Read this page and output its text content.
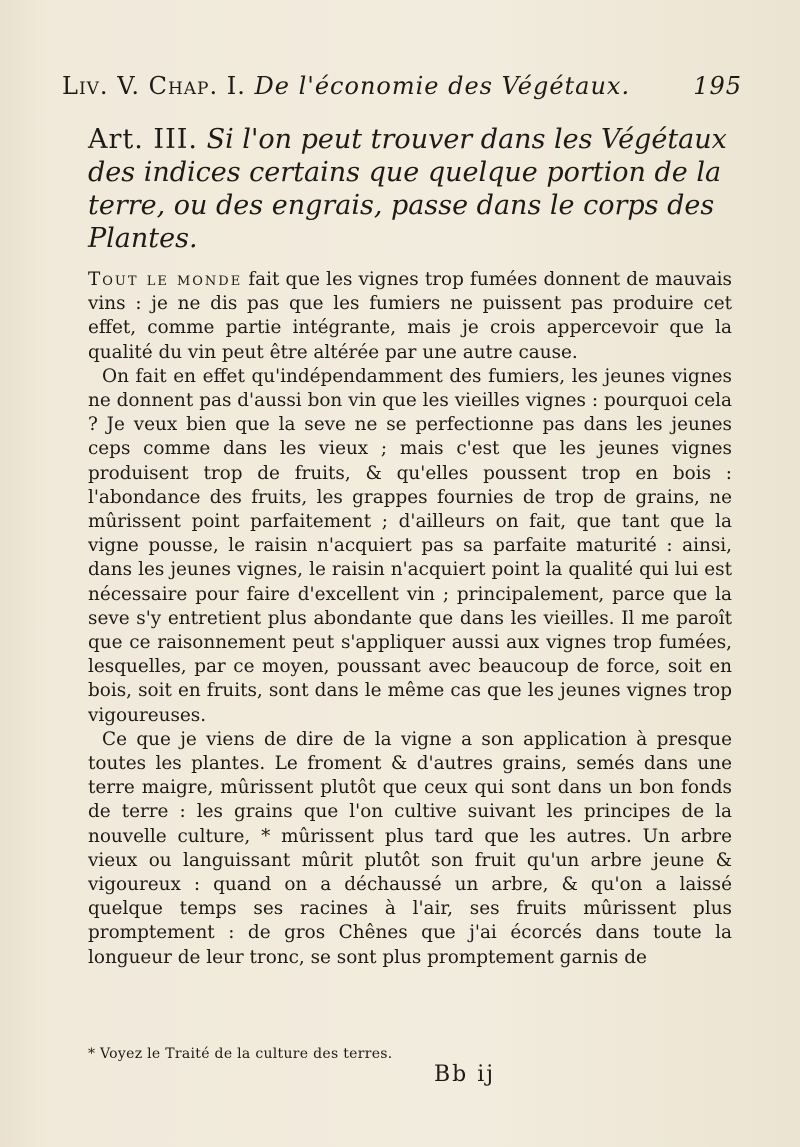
Liv. V. Chap. I. De l'économie des Végétaux.	195
Art. III. Si l'on peut trouver dans les Végétaux des indices certains que quelque portion de la terre, ou des engrais, passe dans le corps des Plantes.

Tout le monde fait que les vignes trop fumées donnent de mauvais vins : je ne dis pas que les fumiers ne puissent pas produire cet effet, comme partie intégrante, mais je crois appercevoir que la qualité du vin peut être altérée par une autre cause.

On fait en effet qu'indépendamment des fumiers, les jeunes vignes ne donnent pas d'aussi bon vin que les vieilles vignes : pourquoi cela ? Je veux bien que la seve ne se perfectionne pas dans les jeunes ceps comme dans les vieux ; mais c'est que les jeunes vignes produisent trop de fruits, & qu'elles poussent trop en bois : l'abondance des fruits, les grappes fournies de trop de grains, ne mûrissent point parfaitement ; d'ailleurs on fait, que tant que la vigne pousse, le raisin n'acquiert pas sa parfaite maturité : ainsi, dans les jeunes vignes, le raisin n'acquiert point la qualité qui lui est nécessaire pour faire d'excellent vin ; principalement, parce que la seve s'y entretient plus abondante que dans les vieilles. Il me paroît que ce raisonnement peut s'appliquer aussi aux vignes trop fumées, lesquelles, par ce moyen, poussant avec beaucoup de force, soit en bois, soit en fruits, sont dans le même cas que les jeunes vignes trop vigoureuses.

Ce que je viens de dire de la vigne a son application à presque toutes les plantes. Le froment & d'autres grains, semés dans une terre maigre, mûrissent plutôt que ceux qui sont dans un bon fonds de terre : les grains que l'on cultive suivant les principes de la nouvelle culture, * mûrissent plus tard que les autres. Un arbre vieux ou languissant mûrit plutôt son fruit qu'un arbre jeune & vigoureux : quand on a déchaussé un arbre, & qu'on a laissé quelque temps ses racines à l'air, ses fruits mûrissent plus promptement : de gros Chênes que j'ai écorcés dans toute la longueur de leur tronc, se sont plus promptement garnis de

* Voyez le Traité de la culture des terres.
Bb ij
